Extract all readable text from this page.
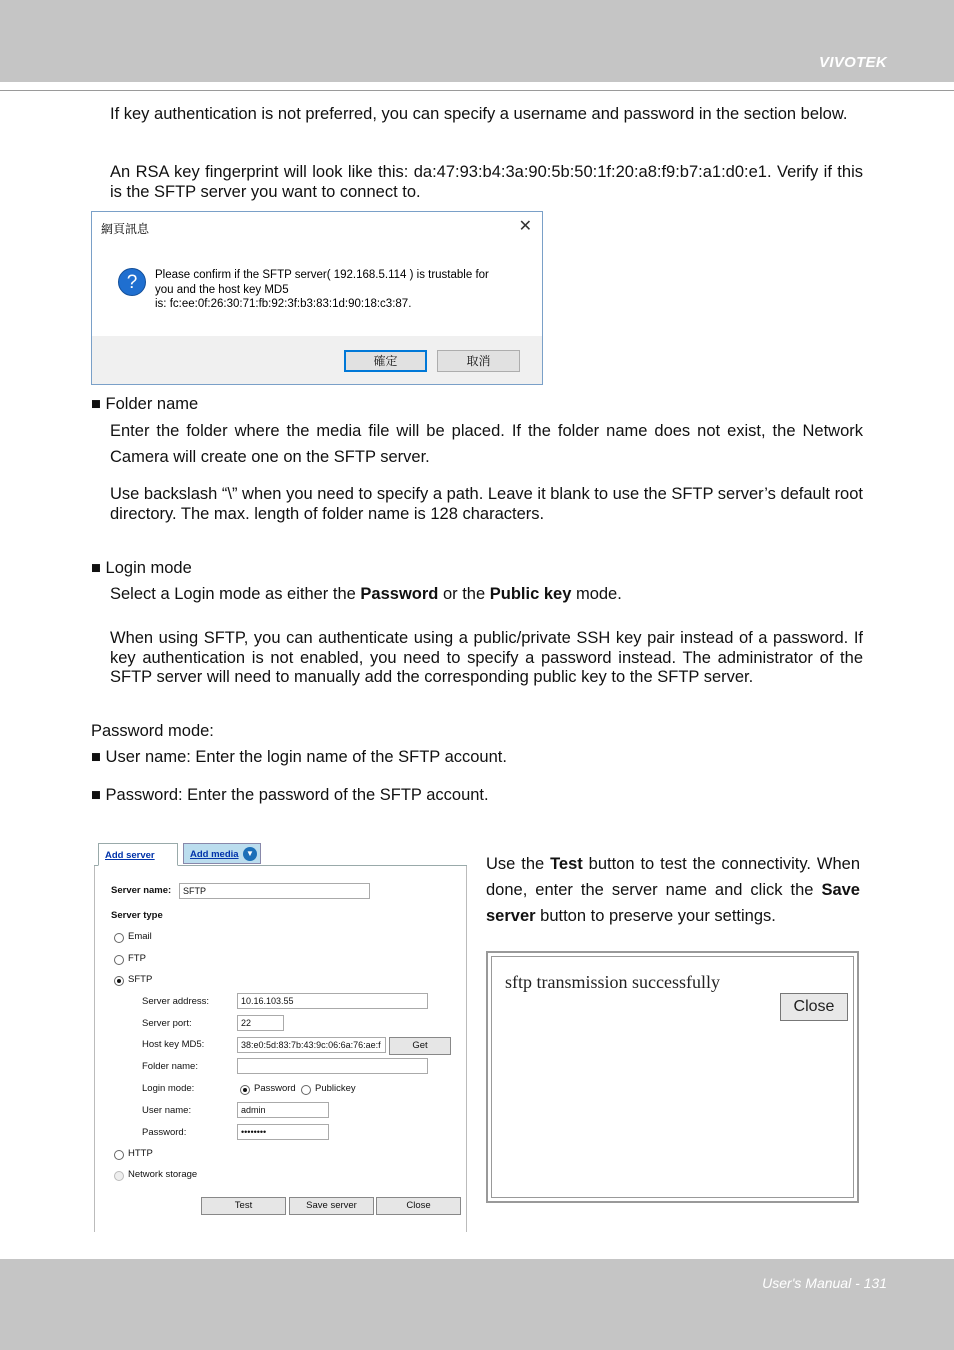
VIVOTEK
If key authentication is not preferred, you can specify a username and password in the section below.
An RSA key fingerprint will look like this: da:47:93:b4:3a:90:5b:50:1f:20:a8:f9:b7:a1:d0:e1. Verify if this is the SFTP server you want to connect to.
網頁訊息	✕
?	Please confirm if the SFTP server( 192.168.5.114 ) is trustable for
you and the host key MD5
is: fc:ee:0f:26:30:71:fb:92:3f:b3:83:1d:90:18:c3:87.
確定	取消
■ Folder name
Enter the folder where the media file will be placed. If the folder name does not exist, the Network Camera will create one on the SFTP server.
Use backslash “\” when you need to specify a path. Leave it blank to use the SFTP server’s default root directory. The max. length of folder name is 128 characters.
■ Login mode
Select a Login mode as either the Password or the Public key mode.
When using SFTP, you can authenticate using a public/private SSH key pair instead of a password. If key authentication is not enabled, you need to specify a password instead. The administrator of the SFTP server will need to manually add the corresponding public key to the SFTP server.
Password mode:
■ User name: Enter the login name of the SFTP account.
■ Password: Enter the password of the SFTP account.
Add server	Add media ▼
Server name:	SFTP
Server type
Email
FTP
SFTP
Server address:	10.16.103.55
Server port:	22
Host key MD5:	38:e0:5d:83:7b:43:9c:06:6a:76:ae:f	Get
Folder name:
Login mode:	Password Publickey
User name:	admin
Password:	••••••••
HTTP
Network storage
Test	Save server	Close
Use the Test button to test the connectivity. When done, enter the server name and click the Save server button to preserve your settings.
sftp transmission successfully
Close
User's Manual - 131
